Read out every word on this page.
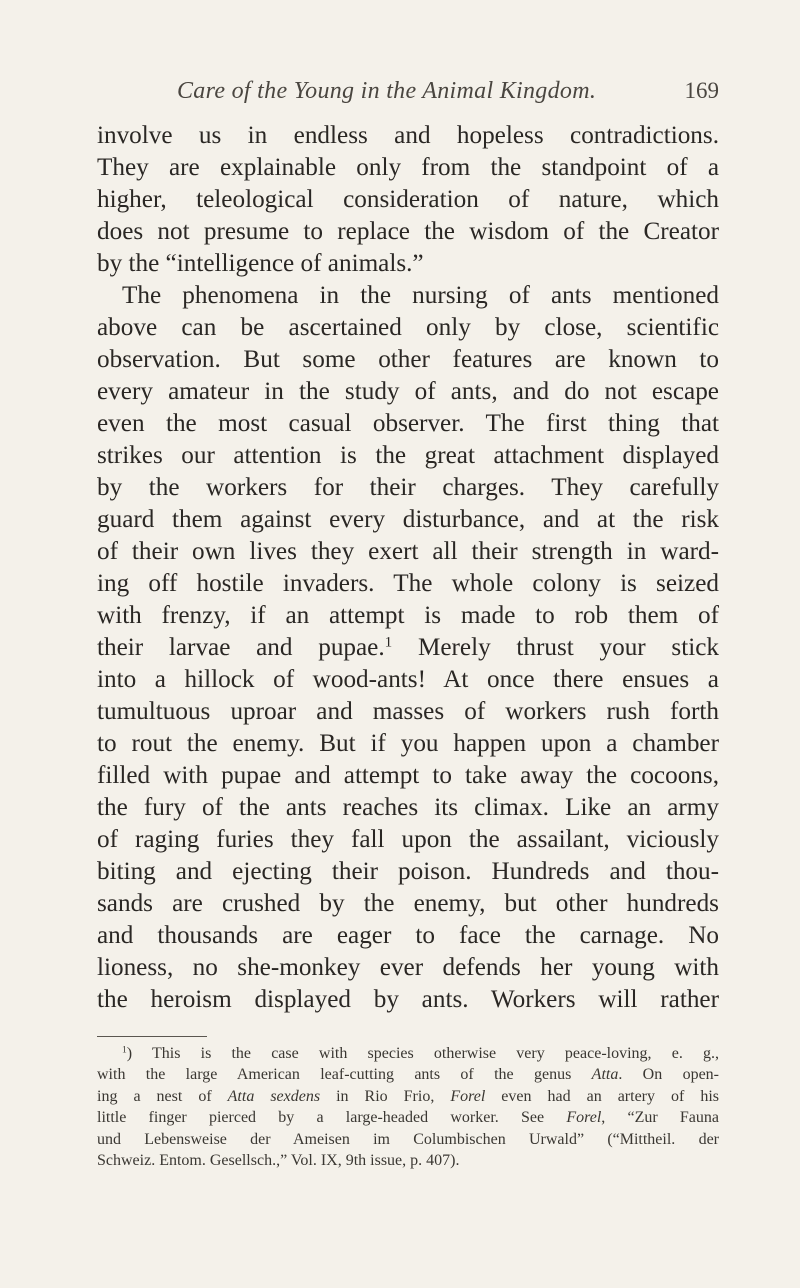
Care of the Young in the Animal Kingdom.	169
involve us in endless and hopeless contradictions.
They are explainable only from the standpoint of a
higher, teleological consideration of nature, which
does not presume to replace the wisdom of the Creator
by the “intelligence of animals.”
The phenomena in the nursing of ants mentioned
above can be ascertained only by close, scientific
observation. But some other features are known to
every amateur in the study of ants, and do not escape
even the most casual observer. The first thing that
strikes our attention is the great attachment displayed
by the workers for their charges. They carefully
guard them against every disturbance, and at the risk
of their own lives they exert all their strength in ward-
ing off hostile invaders. The whole colony is seized
with frenzy, if an attempt is made to rob them of
their larvae and pupae.$^1$ Merely thrust your stick
into a hillock of wood-ants! At once there ensues a
tumultuous uproar and masses of workers rush forth
to rout the enemy. But if you happen upon a chamber
filled with pupae and attempt to take away the cocoons,
the fury of the ants reaches its climax. Like an army
of raging furies they fall upon the assailant, viciously
biting and ejecting their poison. Hundreds and thou-
sands are crushed by the enemy, but other hundreds
and thousands are eager to face the carnage. No
lioness, no she-monkey ever defends her young with
the heroism displayed by ants. Workers will rather
$^1$) This is the case with species otherwise very peace-loving, e. g.,
with the large American leaf-cutting ants of the genus Atta. On open-
ing a nest of Atta sexdens in Rio Frio, Forel even had an artery of his
little finger pierced by a large-headed worker. See Forel, “Zur Fauna
und Lebensweise der Ameisen im Columbischen Urwald” (“Mittheil. der
Schweiz. Entom. Gesellsch.,” Vol. IX, 9th issue, p. 407).
